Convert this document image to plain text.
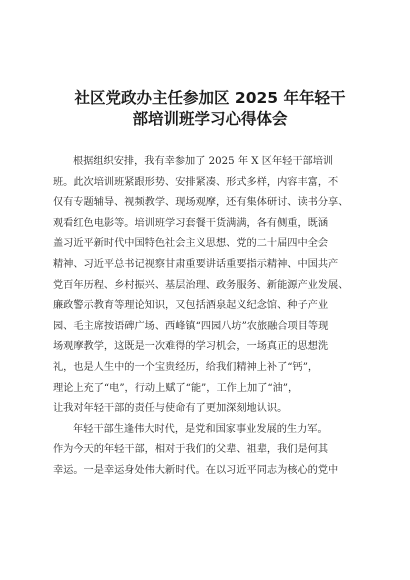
社区党政办主任参加区 2025 年年轻干
部培训班学习心得体会
根据组织安排，我有幸参加了 2025 年 X 区年轻干部培训
班。此次培训班紧跟形势、安排紧凑、形式多样，内容丰富，不
仅有专题辅导、视频教学、现场观摩，还有集体研讨、读书分享、
观看红色电影等。培训班学习套餐干货满满，各有侧重，既涵
盖习近平新时代中国特色社会主义思想、党的二十届四中全会
精神、习近平总书记视察甘肃重要讲话重要指示精神、中国共产
党百年历程、乡村振兴、基层治理、政务服务、新能源产业发展、
廉政警示教育等理论知识，又包括酒泉起义纪念馆、种子产业
园、毛主席按语碑广场、西峰镇“四园八坊”农旅融合项目等现
场观摩教学，这既是一次难得的学习机会，一场真正的思想洗
礼，也是人生中的一个宝贵经历，给我们精神上补了“钙”，
理论上充了“电”，行动上赋了“能”，工作上加了“油”，
让我对年轻干部的责任与使命有了更加深刻地认识。
年轻干部生逢伟大时代，是党和国家事业发展的生力军。
作为今天的年轻干部，相对于我们的父辈、祖辈，我们是何其
幸运。一是幸运身处伟大新时代。在以习近平同志为核心的党中
